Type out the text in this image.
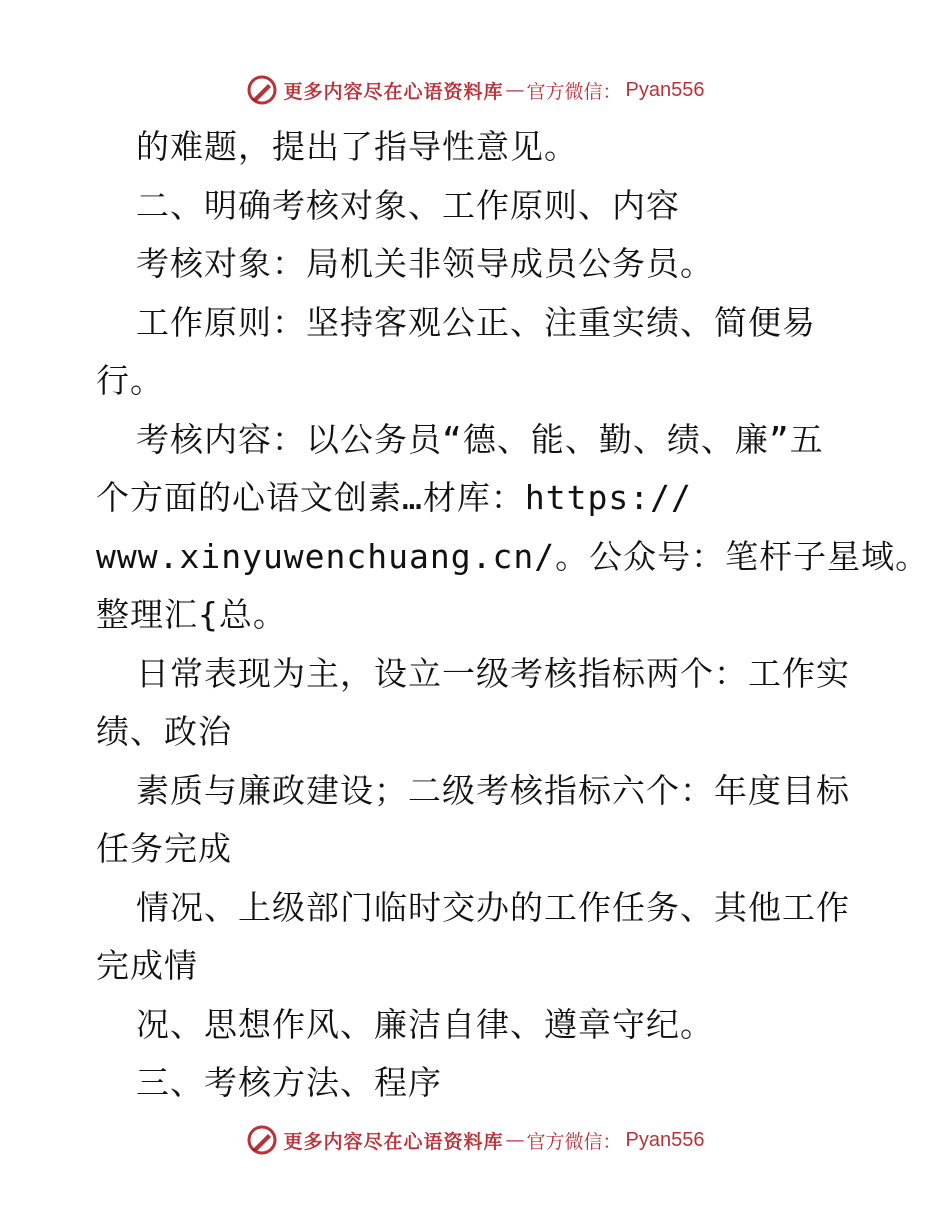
更多内容尽在心语资料库 — 官方微信： Pyan556
的难题，提出了指导性意见。
二、明确考核对象、工作原则、内容
考核对象：局机关非领导成员公务员。
工作原则：坚持客观公正、注重实绩、简便易
行。
考核内容：以公务员“德、能、勤、绩、廉”五
个方面的心语文创素…材库：https://
www.xinyuwenchuang.cn/。公众号：笔杆子星域。
整理汇{总。
日常表现为主，设立一级考核指标两个：工作实
绩、政治
素质与廉政建设；二级考核指标六个：年度目标
任务完成
情况、上级部门临时交办的工作任务、其他工作
完成情
况、思想作风、廉洁自律、遵章守纪。
三、考核方法、程序
更多内容尽在心语资料库 — 官方微信： Pyan556
